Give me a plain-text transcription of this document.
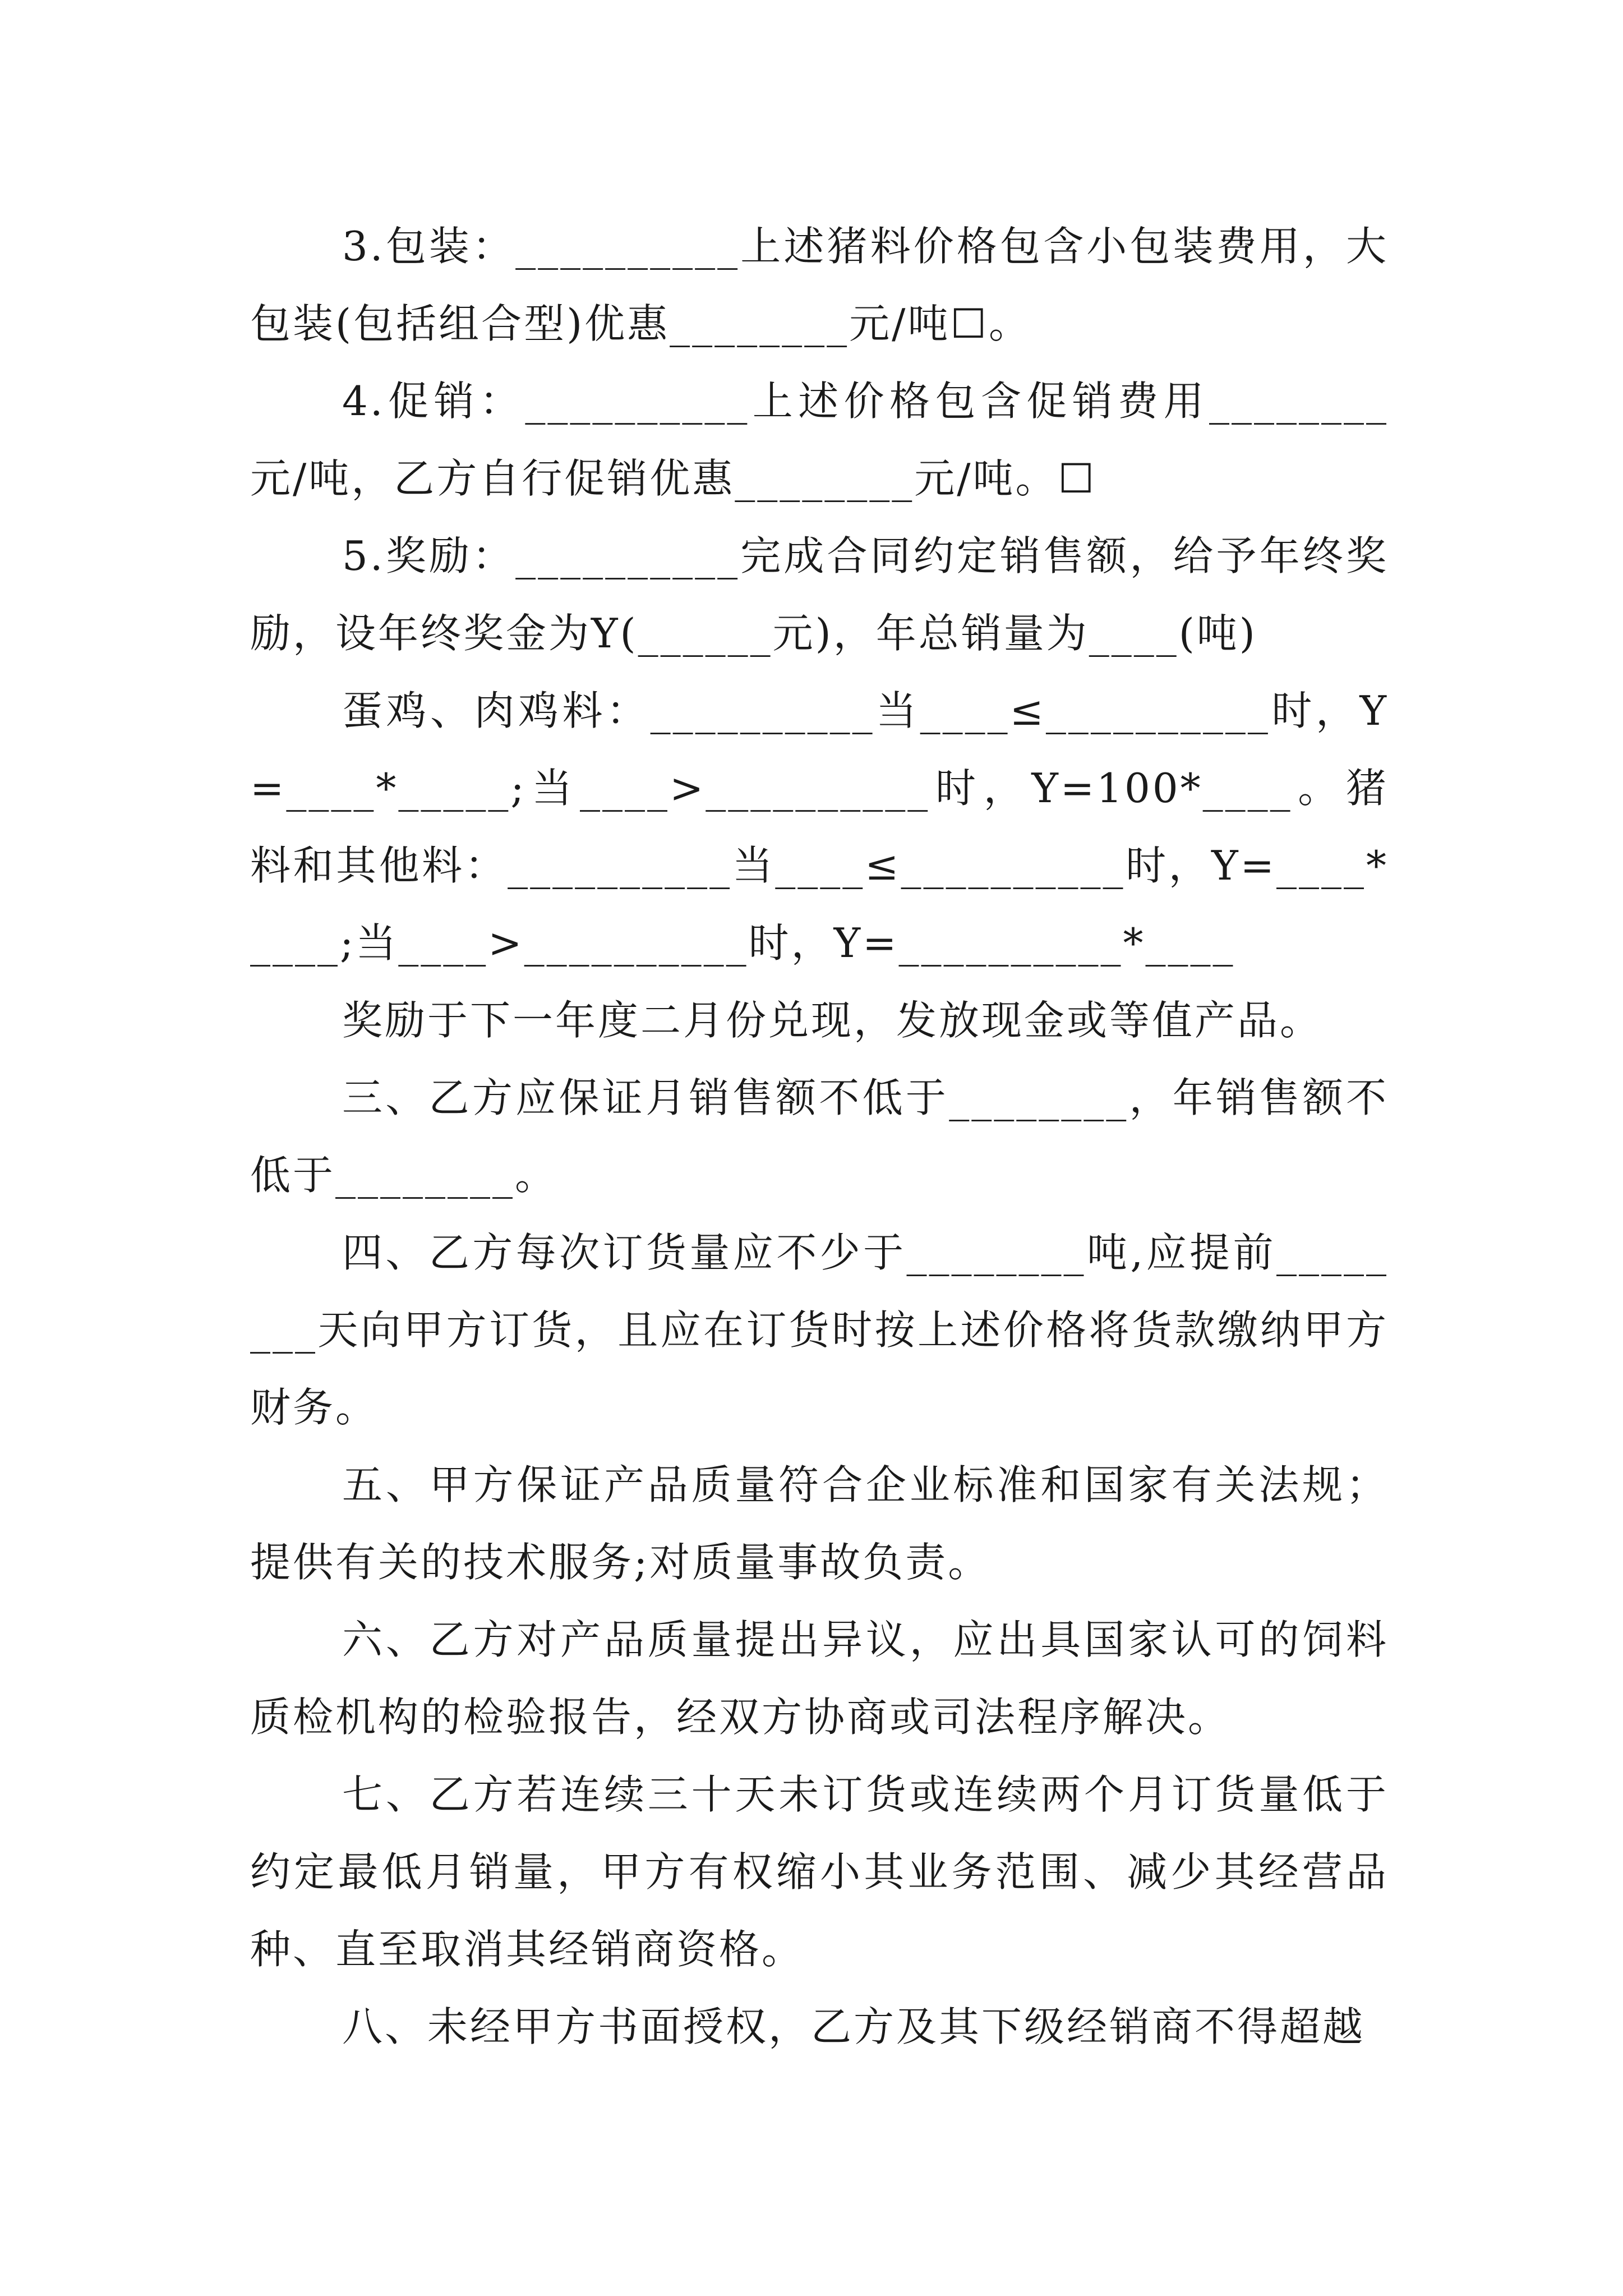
3.包装：__________上述猪料价格包含小包装费用，大包装(包括组合型)优惠________元/吨☐。

4.促销：__________上述价格包含促销费用________元/吨，乙方自行促销优惠________元/吨。☐

5.奖励：__________完成合同约定销售额，给予年终奖励，设年终奖金为Y(______元)，年总销量为____(吨)

蛋鸡、肉鸡料：__________当____≤__________时，Y=____*_____;当____>__________时，Y=100*____。猪料和其他料：__________当____≤__________时，Y=____*____;当____>__________时，Y=__________*____

奖励于下一年度二月份兑现，发放现金或等值产品。

三、乙方应保证月销售额不低于________，年销售额不低于________。

四、乙方每次订货量应不少于________吨,应提前________天向甲方订货，且应在订货时按上述价格将货款缴纳甲方财务。

五、甲方保证产品质量符合企业标准和国家有关法规；提供有关的技术服务;对质量事故负责。

六、乙方对产品质量提出异议，应出具国家认可的饲料质检机构的检验报告，经双方协商或司法程序解决。

七、乙方若连续三十天未订货或连续两个月订货量低于约定最低月销量，甲方有权缩小其业务范围、减少其经营品种、直至取消其经销商资格。

八、未经甲方书面授权，乙方及其下级经销商不得超越
